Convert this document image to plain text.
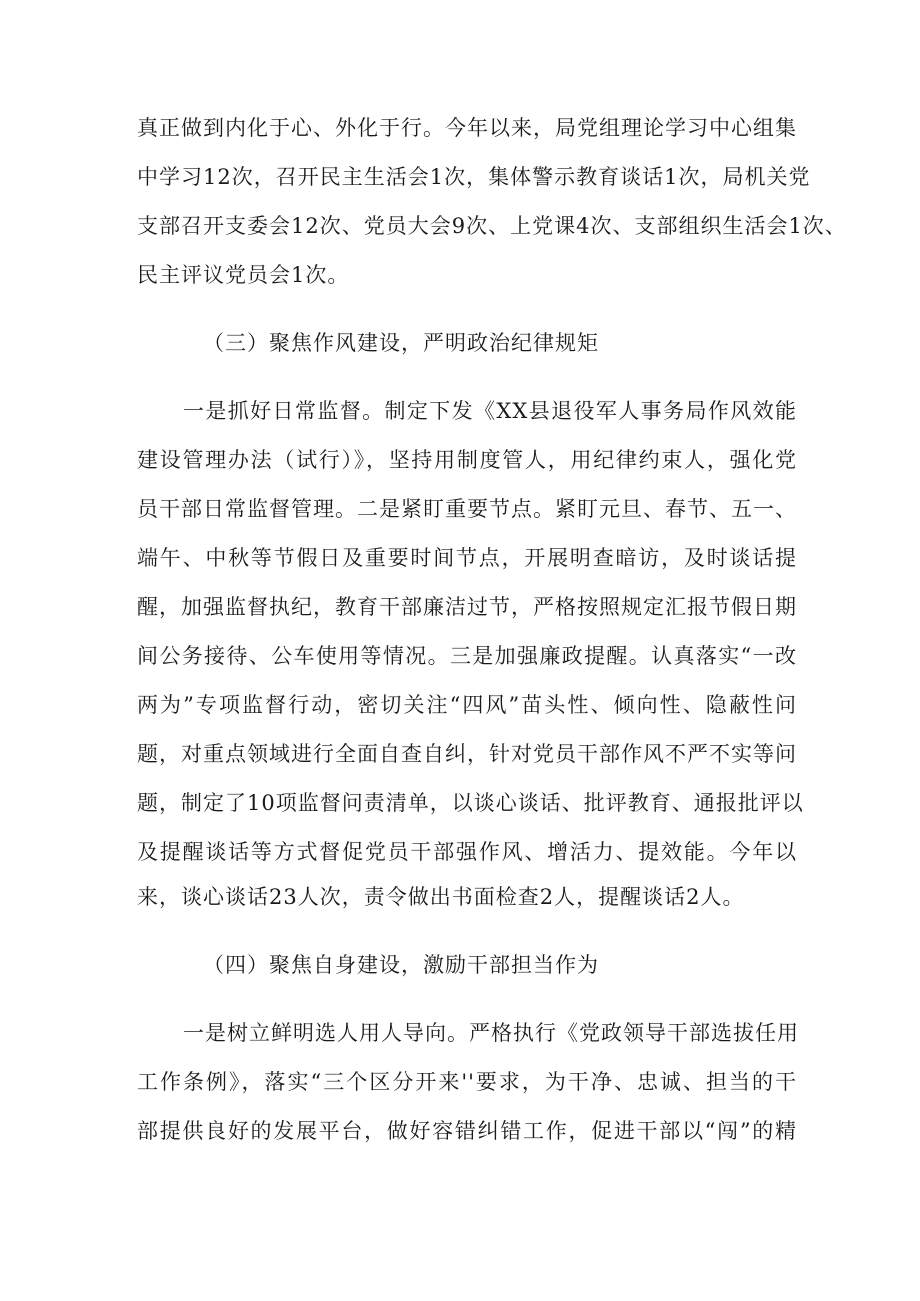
真正做到内化于心、外化于行。今年以来，局党组理论学习中心组集
中学习12次，召开民主生活会1次，集体警示教育谈话1次，局机关党
支部召开支委会12次、党员大会9次、上党课4次、支部组织生活会1次、
民主评议党员会1次。
（三）聚焦作风建设，严明政治纪律规矩
一是抓好日常监督。制定下发《XX县退役军人事务局作风效能
建设管理办法（试行）》，坚持用制度管人，用纪律约束人，强化党
员干部日常监督管理。二是紧盯重要节点。紧盯元旦、春节、五一、
端午、中秋等节假日及重要时间节点，开展明查暗访，及时谈话提
醒，加强监督执纪，教育干部廉洁过节，严格按照规定汇报节假日期
间公务接待、公车使用等情况。三是加强廉政提醒。认真落实“一改
两为”专项监督行动，密切关注“四风”苗头性、倾向性、隐蔽性问
题，对重点领域进行全面自查自纠，针对党员干部作风不严不实等问
题，制定了10项监督问责清单，以谈心谈话、批评教育、通报批评以
及提醒谈话等方式督促党员干部强作风、增活力、提效能。今年以
来，谈心谈话23人次，责令做出书面检查2人，提醒谈话2人。
（四）聚焦自身建设，激励干部担当作为
一是树立鲜明选人用人导向。严格执行《党政领导干部选拔任用
工作条例》，落实“三个区分开来''要求，为干净、忠诚、担当的干
部提供良好的发展平台，做好容错纠错工作，促进干部以“闯”的精
